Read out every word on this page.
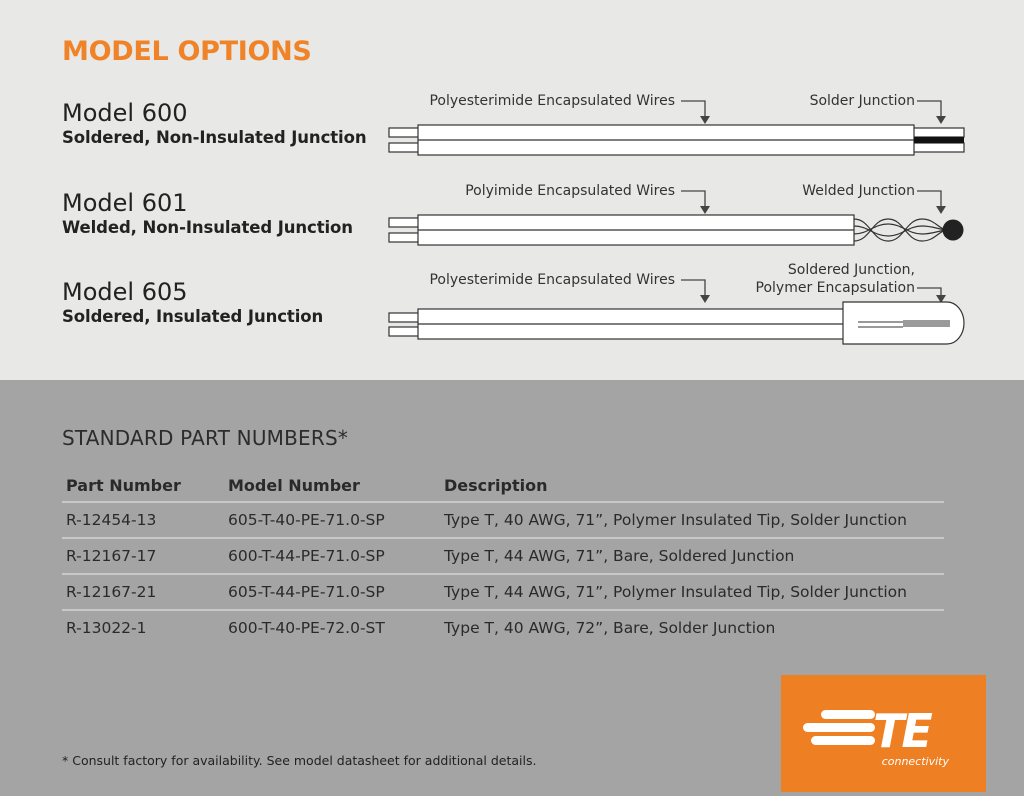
MODEL OPTIONS
Model 600
Soldered, Non-Insulated Junction
Model 601
Welded, Non-Insulated Junction
Model 605
Soldered, Insulated Junction
Polyesterimide Encapsulated Wires	Solder Junction
Polyimide Encapsulated Wires	Welded Junction
Polyesterimide Encapsulated Wires
Soldered Junction,
Polymer Encapsulation
STANDARD PART NUMBERS*
Part Number	Model Number	Description
R-12454-13	605-T-40-PE-71.0-SP	Type T, 40 AWG, 71”, Polymer Insulated Tip, Solder Junction
R-12167-17	600-T-44-PE-71.0-SP	Type T, 44 AWG, 71”, Bare, Soldered Junction
R-12167-21	605-T-44-PE-71.0-SP	Type T, 44 AWG, 71”, Polymer Insulated Tip, Solder Junction
R-13022-1	600-T-40-PE-72.0-ST	Type T, 40 AWG, 72”, Bare, Solder Junction
* Consult factory for availability. See model datasheet for additional details.
TE
connectivity
